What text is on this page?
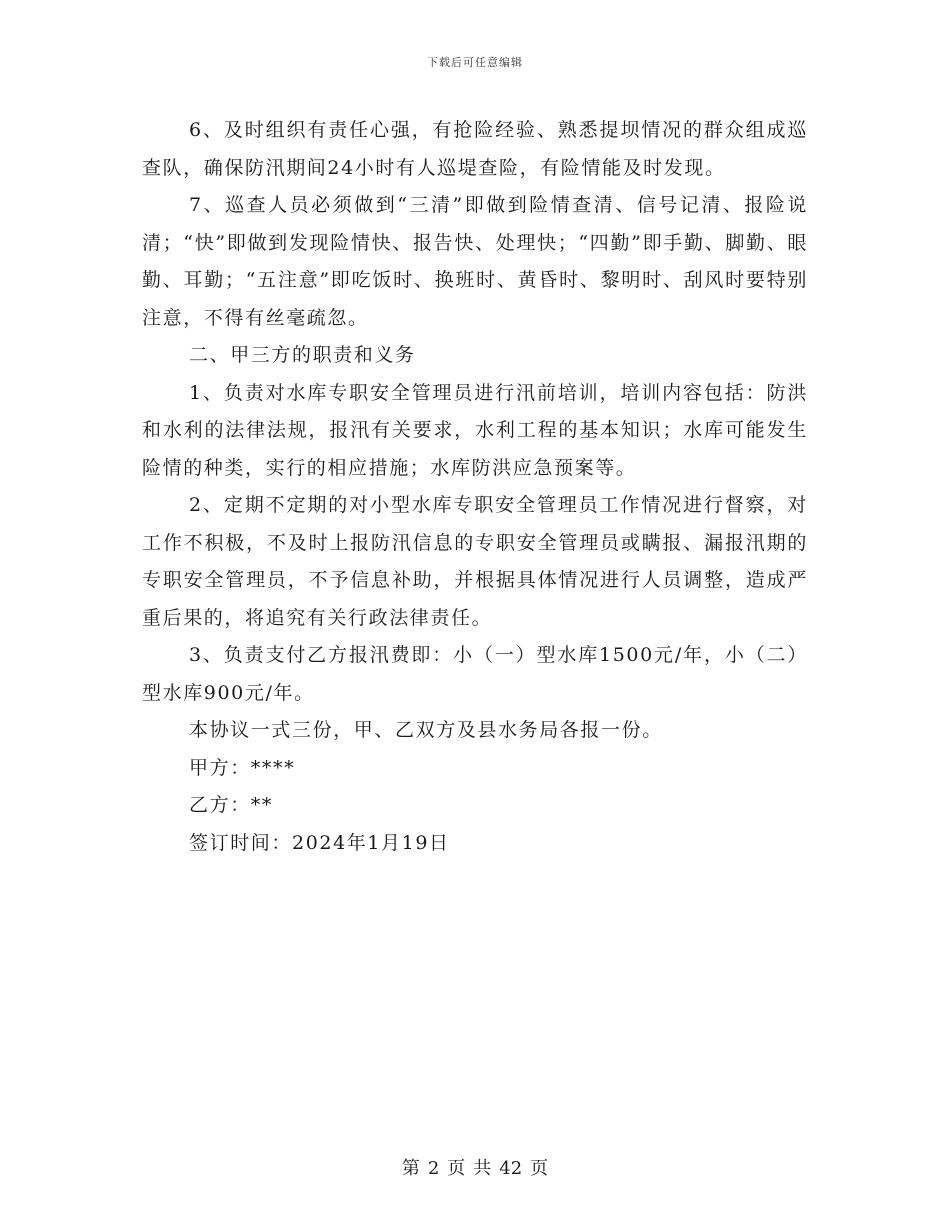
下载后可任意编辑

6、及时组织有责任心强，有抢险经验、熟悉提坝情况的群众组成巡查队，确保防汛期间24小时有人巡堤查险，有险情能及时发现。

7、巡查人员必须做到“三清”即做到险情查清、信号记清、报险说清；“快”即做到发现险情快、报告快、处理快；“四勤”即手勤、脚勤、眼勤、耳勤；“五注意”即吃饭时、换班时、黄昏时、黎明时、刮风时要特别注意，不得有丝毫疏忽。

二、甲三方的职责和义务

1、负责对水库专职安全管理员进行汛前培训，培训内容包括：防洪和水利的法律法规，报汛有关要求，水利工程的基本知识；水库可能发生险情的种类，实行的相应措施；水库防洪应急预案等。

2、定期不定期的对小型水库专职安全管理员工作情况进行督察，对工作不积极，不及时上报防汛信息的专职安全管理员或瞒报、漏报汛期的专职安全管理员，不予信息补助，并根据具体情况进行人员调整，造成严重后果的，将追究有关行政法律责任。

3、负责支付乙方报汛费即：小（一）型水库1500元/年，小（二）型水库900元/年。

本协议一式三份，甲、乙双方及县水务局各报一份。

甲方：****

乙方：**

签订时间：2024年1月19日

第 2 页 共 42 页
